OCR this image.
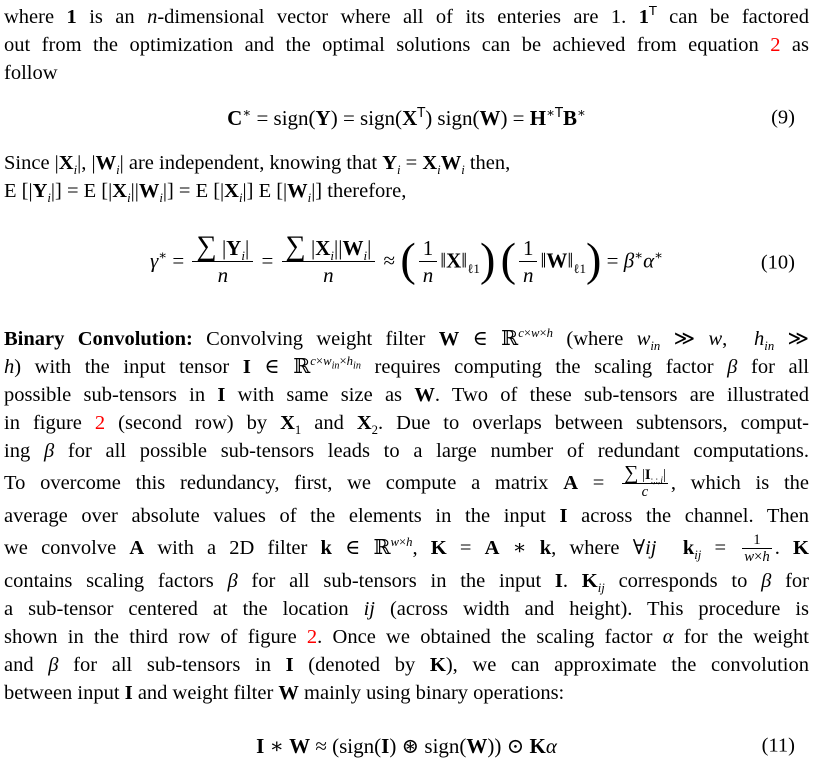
where 1 is an n-dimensional vector where all of its enteries are 1. $1^T$ can be factored
out from the optimization and the optimal solutions can be achieved from equation 2 as
follow
C∗ = sign(Y) = $sign(X^T)$ sign(W) = $H^{∗T}B^∗$	(9)
Since $|X_i|$, $|W_i|$ are independent, knowing that $Y_i = X_iW_i$ then,
E $[|Y_i|] = E$ $[|X_i||W_i|] = E$ $[|X_i|]$ E $[|W_i|]$ therefore,
$\gamma^∗ = \frac{\sum |Y_i|}{n} = \frac{\sum |X_i||W_i|}{n}$ ≈ ( $\frac{1}{n}$ $‖X‖_{\ell 1}$) ( $\frac{1}{n}$ $‖W‖_{\ell 1}) = \beta^∗\alpha^∗$	(10)
Binary Convolution: Convolving weight filter W ∈ ℝ$^{c\times w\times h}$ (where $w_{in}$ ≫ w,  $h_{in}$ ≫
h) with the input tensor I ∈ ℝ$^{c\times w_{in}\times h_{in}}$ requires computing the scaling factor β for all
possible sub-tensors in I with same size as W. Two of these sub-tensors are illustrated
in figure 2 (second row) by $X_1$ and $X_2$. Due to overlaps between subtensors, comput-
ing β for all possible sub-tensors leads to a large number of redundant computations.
To overcome this redundancy, first, we compute a matrix $A = \frac{\sum |I_{:,:,i}|}{c}$ , which is the
average over absolute values of the elements in the input I across the channel. Then
we convolve A with a 2D filter k ∈ ℝ$^{w\times h}$, K = A ∗ k, where ∀ij $k_{ij} = \frac{1}{w\times h}$ . K
contains scaling factors β for all sub-tensors in the input I. $K_{ij}$ corresponds to β for
a sub-tensor centered at the location ij (across width and height). This procedure is
shown in the third row of figure 2. Once we obtained the scaling factor α for the weight
and β for all sub-tensors in I (denoted by K), we can approximate the convolution
between input I and weight filter W mainly using binary operations:
I ∗ W ≈ (sign(I) ⊛ sign(W)) ⊙ Kα	(11)
